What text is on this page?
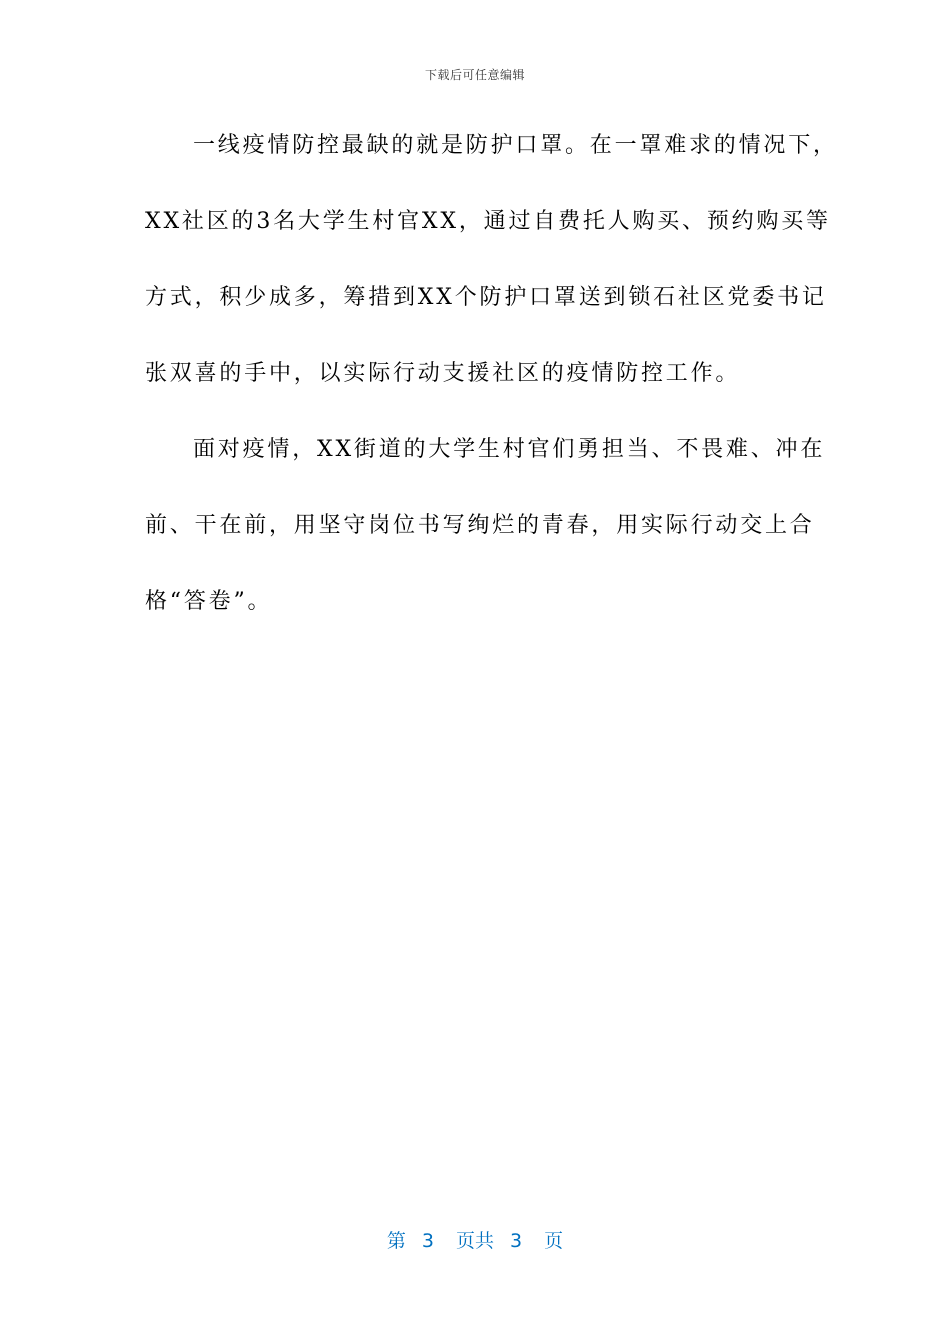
下载后可任意编辑
一线疫情防控最缺的就是防护口罩。在一罩难求的情况下，
XX社区的3名大学生村官XX，通过自费托人购买、预约购买等
方式，积少成多，筹措到XX个防护口罩送到锁石社区党委书记
张双喜的手中，以实际行动支援社区的疫情防控工作。
面对疫情，XX街道的大学生村官们勇担当、不畏难、冲在
前、干在前，用坚守岗位书写绚烂的青春，用实际行动交上合
格“答卷”。
第 3 页共 3 页
